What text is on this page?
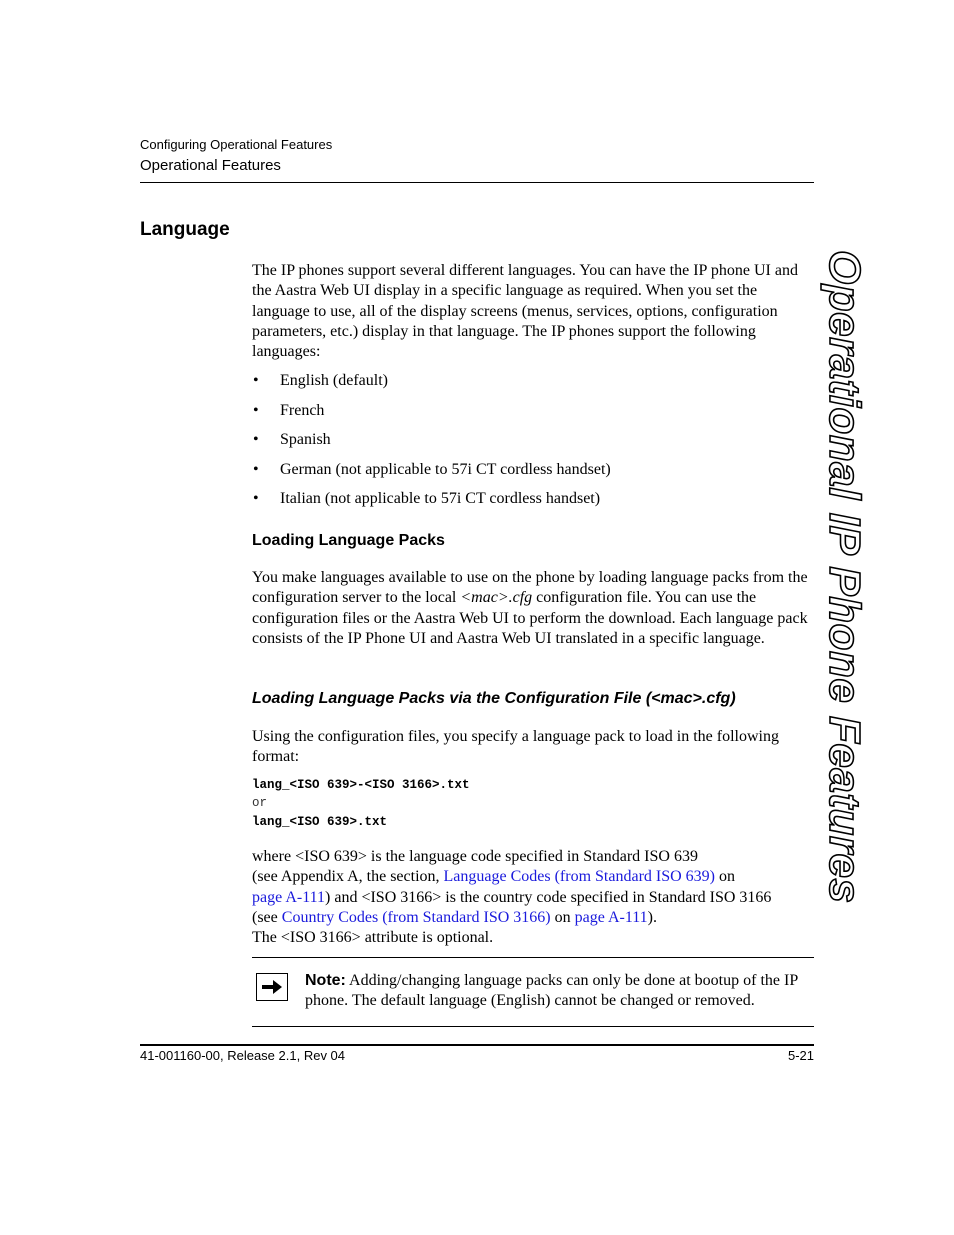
Configuring Operational Features
Operational Features
Operational IP Phone Features
Language
The IP phones support several different languages. You can have the IP phone UI and the Aastra Web UI display in a specific language as required. When you set the language to use, all of the display screens (menus, services, options, configuration parameters, etc.) display in that language. The IP phones support the following languages:
• English (default)
• French
• Spanish
• German (not applicable to 57i CT cordless handset)
• Italian (not applicable to 57i CT cordless handset)
Loading Language Packs
You make languages available to use on the phone by loading language packs from the configuration server to the local <mac>.cfg configuration file. You can use the configuration files or the Aastra Web UI to perform the download. Each language pack consists of the IP Phone UI and Aastra Web UI translated in a specific language.
Loading Language Packs via the Configuration File (<mac>.cfg)
Using the configuration files, you specify a language pack to load in the following format:
lang_<ISO 639>-<ISO 3166>.txt
or
lang_<ISO 639>.txt
where <ISO 639> is the language code specified in Standard ISO 639
(see Appendix A, the section, Language Codes (from Standard ISO 639) on
page A-111) and <ISO 3166> is the country code specified in Standard ISO 3166
(see Country Codes (from Standard ISO 3166) on page A-111).
The <ISO 3166> attribute is optional.
Note: Adding/changing language packs can only be done at bootup of the IP phone. The default language (English) cannot be changed or removed.
41-001160-00, Release 2.1, Rev 04	5-21
